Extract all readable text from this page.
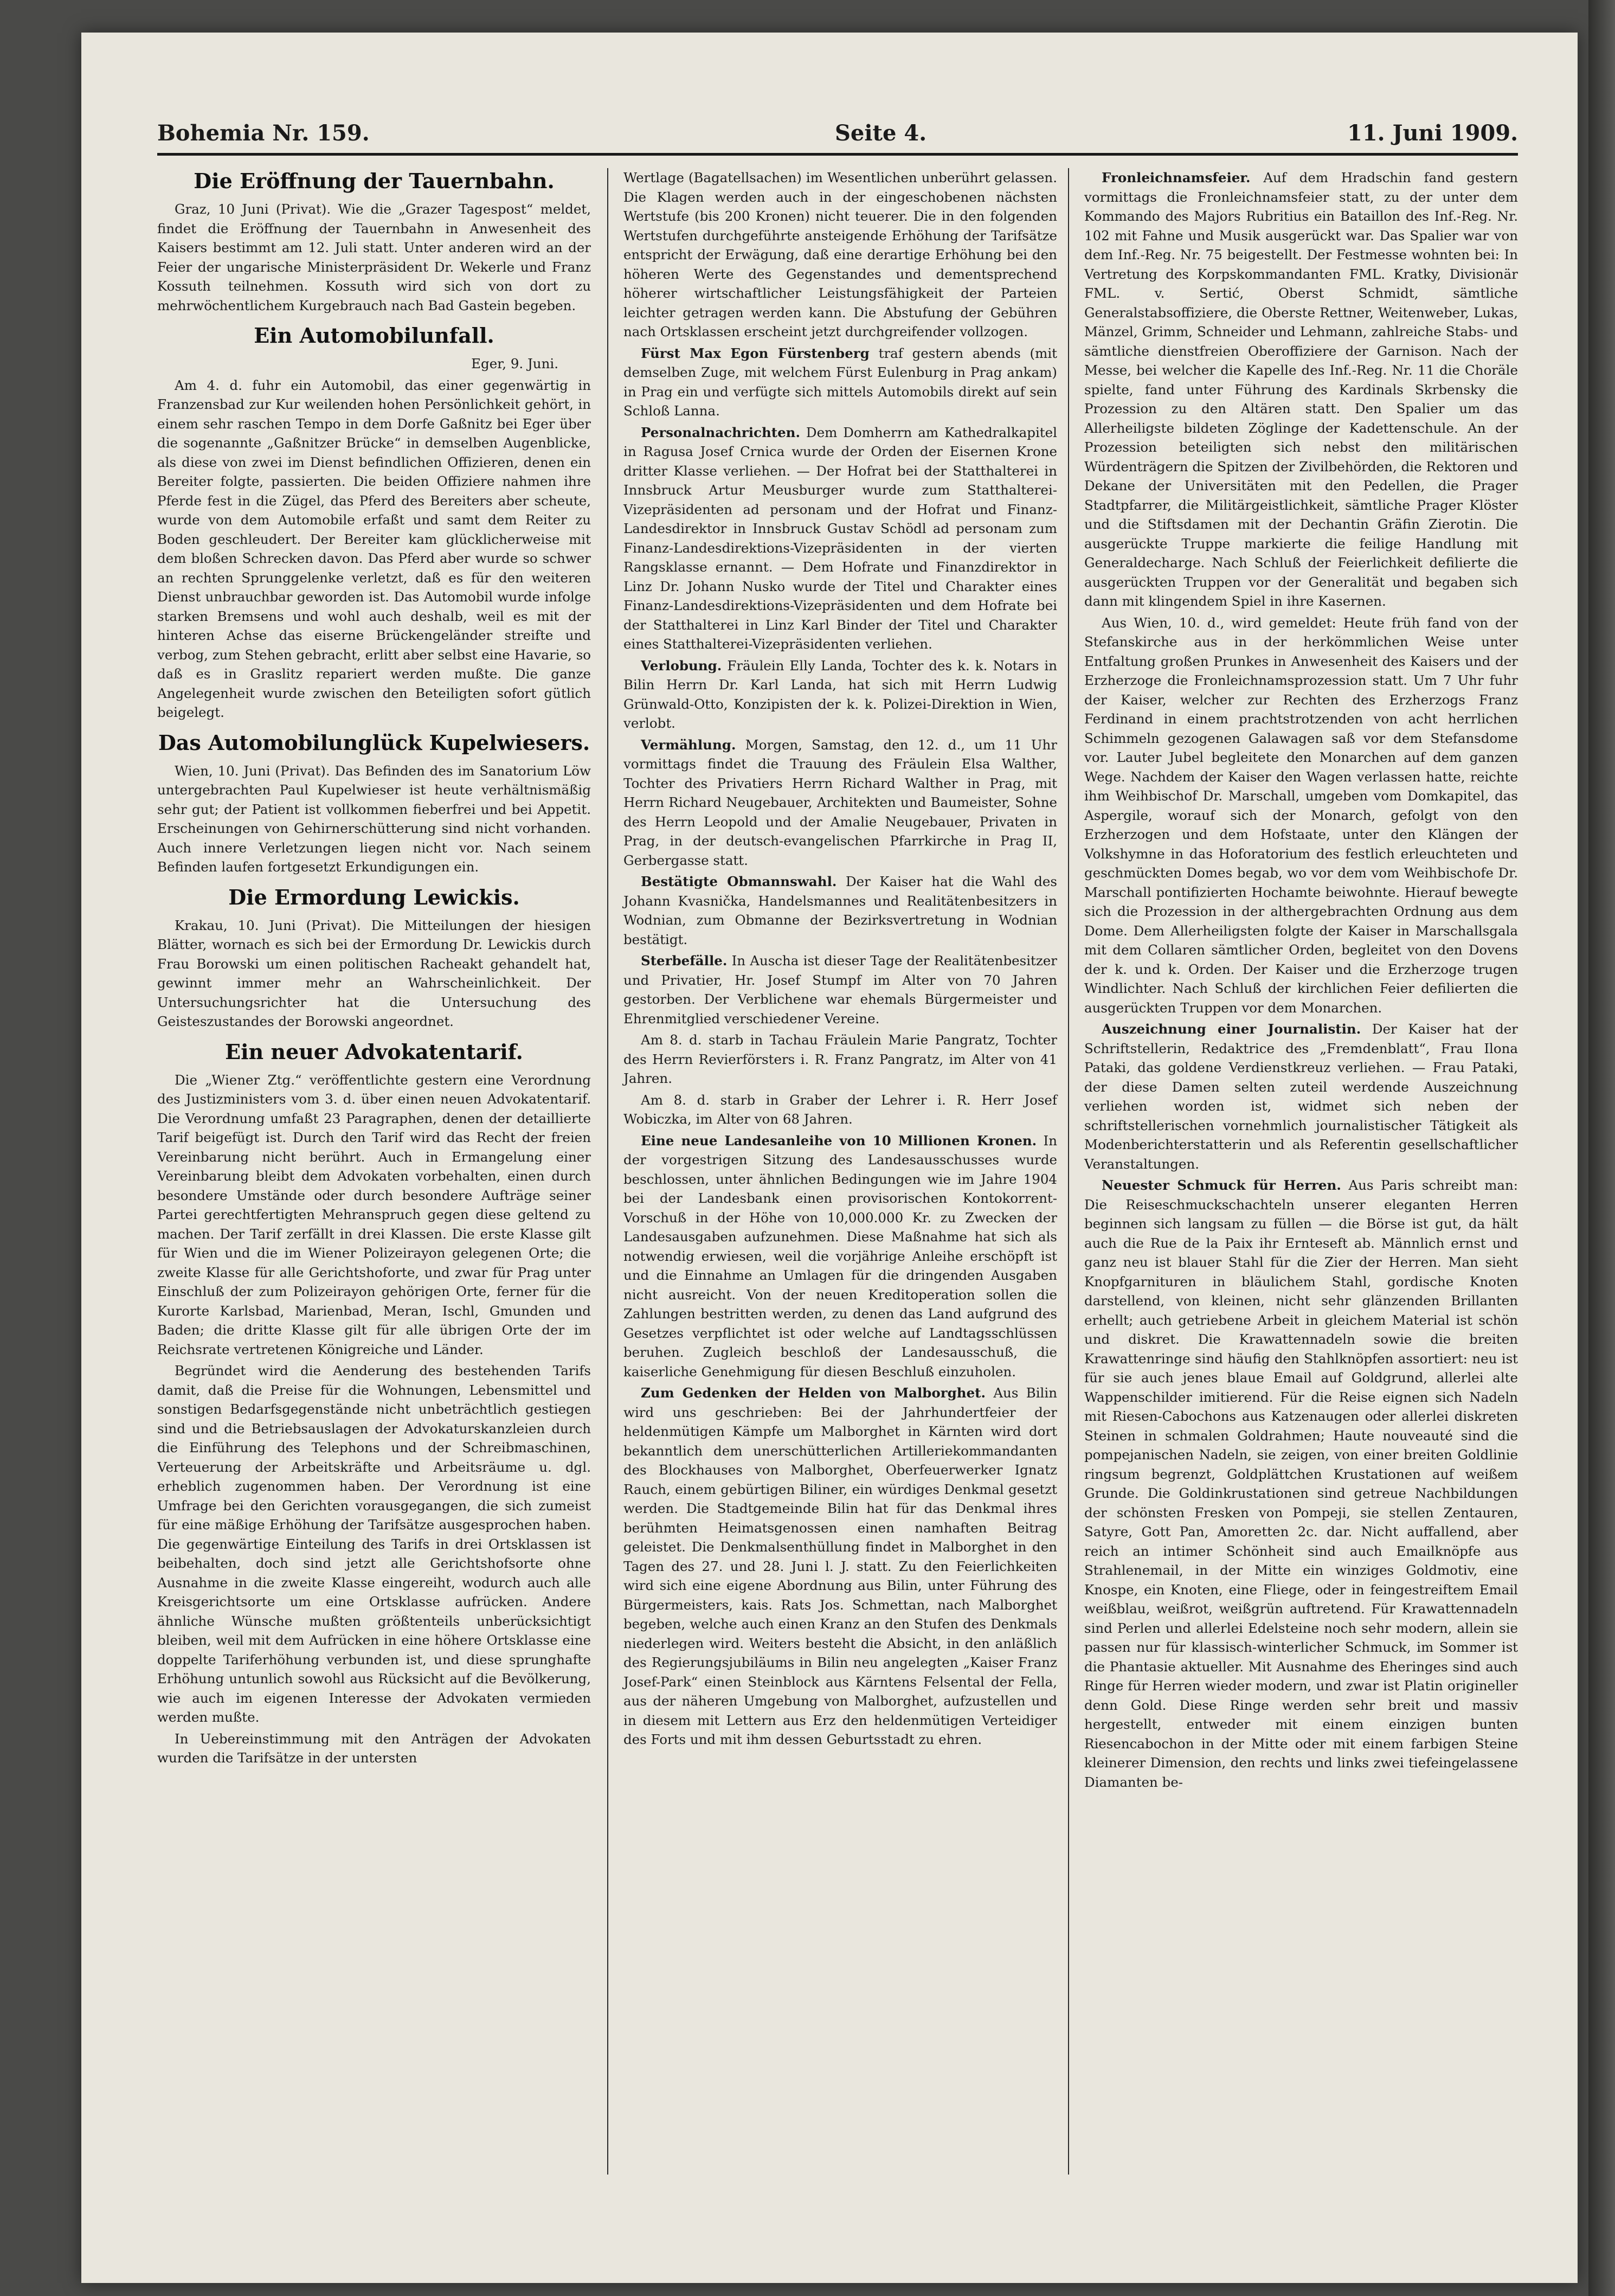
Bohemia Nr. 159.	Seite 4.	11. Juni 1909.
Die Eröffnung der Tauernbahn.

Graz, 10 Juni (Privat). Wie die „Grazer Tagespost“ meldet, findet die Eröffnung der Tauernbahn in Anwesenheit des Kaisers bestimmt am 12. Juli statt. Unter anderen wird an der Feier der ungarische Ministerpräsident Dr. Wekerle und Franz Kossuth teilnehmen. Kossuth wird sich von dort zu mehrwöchentlichem Kurgebrauch nach Bad Gastein begeben.

Ein Automobilunfall.

Eger, 9. Juni.

Am 4. d. fuhr ein Automobil, das einer gegenwärtig in Franzensbad zur Kur weilenden hohen Persönlichkeit gehört, in einem sehr raschen Tempo in dem Dorfe Gaßnitz bei Eger über die sogenannte „Gaßnitzer Brücke“ in demselben Augenblicke, als diese von zwei im Dienst befindlichen Offizieren, denen ein Bereiter folgte, passierten. Die beiden Offiziere nahmen ihre Pferde fest in die Zügel, das Pferd des Bereiters aber scheute, wurde von dem Automobile erfaßt und samt dem Reiter zu Boden geschleudert. Der Bereiter kam glücklicherweise mit dem bloßen Schrecken davon. Das Pferd aber wurde so schwer an rechten Sprunggelenke verletzt, daß es für den weiteren Dienst unbrauchbar geworden ist. Das Automobil wurde infolge starken Bremsens und wohl auch deshalb, weil es mit der hinteren Achse das eiserne Brückengeländer streifte und verbog, zum Stehen gebracht, erlitt aber selbst eine Havarie, so daß es in Graslitz repariert werden mußte. Die ganze Angelegenheit wurde zwischen den Beteiligten sofort gütlich beigelegt.

Das Automobilunglück Kupelwiesers.

Wien, 10. Juni (Privat). Das Befinden des im Sanatorium Löw untergebrachten Paul Kupelwieser ist heute verhältnismäßig sehr gut; der Patient ist vollkommen fieberfrei und bei Appetit. Erscheinungen von Gehirnerschütterung sind nicht vorhanden. Auch innere Verletzungen liegen nicht vor. Nach seinem Befinden laufen fortgesetzt Erkundigungen ein.

Die Ermordung Lewickis.

Krakau, 10. Juni (Privat). Die Mitteilungen der hiesigen Blätter, wornach es sich bei der Ermordung Dr. Lewickis durch Frau Borowski um einen politischen Racheakt gehandelt hat, gewinnt immer mehr an Wahrscheinlichkeit. Der Untersuchungsrichter hat die Untersuchung des Geisteszustandes der Borowski angeordnet.

Ein neuer Advokatentarif.

Die „Wiener Ztg.“ veröffentlichte gestern eine Verordnung des Justizministers vom 3. d. über einen neuen Advokatentarif. Die Verordnung umfaßt 23 Paragraphen, denen der detaillierte Tarif beigefügt ist. Durch den Tarif wird das Recht der freien Vereinbarung nicht berührt. Auch in Ermangelung einer Vereinbarung bleibt dem Advokaten vorbehalten, einen durch besondere Umstände oder durch besondere Aufträge seiner Partei gerechtfertigten Mehranspruch gegen diese geltend zu machen. Der Tarif zerfällt in drei Klassen. Die erste Klasse gilt für Wien und die im Wiener Polizeirayon gelegenen Orte; die zweite Klasse für alle Gerichtshoforte, und zwar für Prag unter Einschluß der zum Polizeirayon gehörigen Orte, ferner für die Kurorte Karlsbad, Marienbad, Meran, Ischl, Gmunden und Baden; die dritte Klasse gilt für alle übrigen Orte der im Reichsrate vertretenen Königreiche und Länder.

Begründet wird die Aenderung des bestehenden Tarifs damit, daß die Preise für die Wohnungen, Lebensmittel und sonstigen Bedarfsgegenstände nicht unbeträchtlich gestiegen sind und die Betriebsauslagen der Advokaturskanzleien durch die Einführung des Telephons und der Schreibmaschinen, Verteuerung der Arbeitskräfte und Arbeitsräume u. dgl. erheblich zugenommen haben. Der Verordnung ist eine Umfrage bei den Gerichten vorausgegangen, die sich zumeist für eine mäßige Erhöhung der Tarifsätze ausgesprochen haben. Die gegenwärtige Einteilung des Tarifs in drei Ortsklassen ist beibehalten, doch sind jetzt alle Gerichtshofsorte ohne Ausnahme in die zweite Klasse eingereiht, wodurch auch alle Kreisgerichtsorte um eine Ortsklasse aufrücken. Andere ähnliche Wünsche mußten größtenteils unberücksichtigt bleiben, weil mit dem Aufrücken in eine höhere Ortsklasse eine doppelte Tariferhöhung verbunden ist, und diese sprunghafte Erhöhung untunlich sowohl aus Rücksicht auf die Bevölkerung, wie auch im eigenen Interesse der Advokaten vermieden werden mußte.

In Uebereinstimmung mit den Anträgen der Advokaten wurden die Tarifsätze in der untersten

Wertlage (Bagatellsachen) im Wesentlichen unberührt gelassen. Die Klagen werden auch in der eingeschobenen nächsten Wertstufe (bis 200 Kronen) nicht teuerer. Die in den folgenden Wertstufen durchgeführte ansteigende Erhöhung der Tarifsätze entspricht der Erwägung, daß eine derartige Erhöhung bei den höheren Werte des Gegenstandes und dementsprechend höherer wirtschaftlicher Leistungsfähigkeit der Parteien leichter getragen werden kann. Die Abstufung der Gebühren nach Ortsklassen erscheint jetzt durchgreifender vollzogen.

Fürst Max Egon Fürstenberg traf gestern abends (mit demselben Zuge, mit welchem Fürst Eulenburg in Prag ankam) in Prag ein und verfügte sich mittels Automobils direkt auf sein Schloß Lanna.

Personalnachrichten. Dem Domherrn am Kathedralkapitel in Ragusa Josef Crnica wurde der Orden der Eisernen Krone dritter Klasse verliehen. — Der Hofrat bei der Statthalterei in Innsbruck Artur Meusburger wurde zum Statthalterei-Vizepräsidenten ad personam und der Hofrat und Finanz-Landesdirektor in Innsbruck Gustav Schödl ad personam zum Finanz-Landesdirektions-Vizepräsidenten in der vierten Rangsklasse ernannt. — Dem Hofrate und Finanzdirektor in Linz Dr. Johann Nusko wurde der Titel und Charakter eines Finanz-Landesdirektions-Vizepräsidenten und dem Hofrate bei der Statthalterei in Linz Karl Binder der Titel und Charakter eines Statthalterei-Vizepräsidenten verliehen.

Verlobung. Fräulein Elly Landa, Tochter des k. k. Notars in Bilin Herrn Dr. Karl Landa, hat sich mit Herrn Ludwig Grünwald-Otto, Konzipisten der k. k. Polizei-Direktion in Wien, verlobt.

Vermählung. Morgen, Samstag, den 12. d., um 11 Uhr vormittags findet die Trauung des Fräulein Elsa Walther, Tochter des Privatiers Herrn Richard Walther in Prag, mit Herrn Richard Neugebauer, Architekten und Baumeister, Sohne des Herrn Leopold und der Amalie Neugebauer, Privaten in Prag, in der deutsch-evangelischen Pfarrkirche in Prag II, Gerbergasse statt.

Bestätigte Obmannswahl. Der Kaiser hat die Wahl des Johann Kvasnička, Handelsmannes und Realitätenbesitzers in Wodnian, zum Obmanne der Bezirksvertretung in Wodnian bestätigt.

Sterbefälle. In Auscha ist dieser Tage der Realitätenbesitzer und Privatier, Hr. Josef Stumpf im Alter von 70 Jahren gestorben. Der Verblichene war ehemals Bürgermeister und Ehrenmitglied verschiedener Vereine.

Am 8. d. starb in Tachau Fräulein Marie Pangratz, Tochter des Herrn Revierförsters i. R. Franz Pangratz, im Alter von 41 Jahren.

Am 8. d. starb in Graber der Lehrer i. R. Herr Josef Wobiczka, im Alter von 68 Jahren.

Eine neue Landesanleihe von 10 Millionen Kronen. In der vorgestrigen Sitzung des Landesausschusses wurde beschlossen, unter ähnlichen Bedingungen wie im Jahre 1904 bei der Landesbank einen provisorischen Kontokorrent-Vorschuß in der Höhe von 10,000.000 Kr. zu Zwecken der Landesausgaben aufzunehmen. Diese Maßnahme hat sich als notwendig erwiesen, weil die vorjährige Anleihe erschöpft ist und die Einnahme an Umlagen für die dringenden Ausgaben nicht ausreicht. Von der neuen Kreditoperation sollen die Zahlungen bestritten werden, zu denen das Land aufgrund des Gesetzes verpflichtet ist oder welche auf Landtagsschlüssen beruhen. Zugleich beschloß der Landesausschuß, die kaiserliche Genehmigung für diesen Beschluß einzuholen.

Zum Gedenken der Helden von Malborghet. Aus Bilin wird uns geschrieben: Bei der Jahrhundertfeier der heldenmütigen Kämpfe um Malborghet in Kärnten wird dort bekanntlich dem unerschütterlichen Artilleriekommandanten des Blockhauses von Malborghet, Oberfeuerwerker Ignatz Rauch, einem gebürtigen Biliner, ein würdiges Denkmal gesetzt werden. Die Stadtgemeinde Bilin hat für das Denkmal ihres berühmten Heimatsgenossen einen namhaften Beitrag geleistet. Die Denkmalsenthüllung findet in Malborghet in den Tagen des 27. und 28. Juni l. J. statt. Zu den Feierlichkeiten wird sich eine eigene Abordnung aus Bilin, unter Führung des Bürgermeisters, kais. Rats Jos. Schmettan, nach Malborghet begeben, welche auch einen Kranz an den Stufen des Denkmals niederlegen wird. Weiters besteht die Absicht, in den anläßlich des Regierungsjubiläums in Bilin neu angelegten „Kaiser Franz Josef-Park“ einen Steinblock aus Kärntens Felsental der Fella, aus der näheren Umgebung von Malborghet, aufzustellen und in diesem mit Lettern aus Erz den heldenmütigen Verteidiger des Forts und mit ihm dessen Geburtsstadt zu ehren.

Fronleichnamsfeier. Auf dem Hradschin fand gestern vormittags die Fronleichnamsfeier statt, zu der unter dem Kommando des Majors Rubritius ein Bataillon des Inf.-Reg. Nr. 102 mit Fahne und Musik ausgerückt war. Das Spalier war von dem Inf.-Reg. Nr. 75 beigestellt. Der Festmesse wohnten bei: In Vertretung des Korpskommandanten FML. Kratky, Divisionär FML. v. Sertić, Oberst Schmidt, sämtliche Generalstabsoffiziere, die Oberste Rettner, Weitenweber, Lukas, Mänzel, Grimm, Schneider und Lehmann, zahlreiche Stabs- und sämtliche dienstfreien Oberoffiziere der Garnison. Nach der Messe, bei welcher die Kapelle des Inf.-Reg. Nr. 11 die Choräle spielte, fand unter Führung des Kardinals Skrbensky die Prozession zu den Altären statt. Den Spalier um das Allerheiligste bildeten Zöglinge der Kadettenschule. An der Prozession beteiligten sich nebst den militärischen Würdenträgern die Spitzen der Zivilbehörden, die Rektoren und Dekane der Universitäten mit den Pedellen, die Prager Stadtpfarrer, die Militärgeistlichkeit, sämtliche Prager Klöster und die Stiftsdamen mit der Dechantin Gräfin Zierotin. Die ausgerückte Truppe markierte die feilige Handlung mit Generaldecharge. Nach Schluß der Feierlichkeit defilierte die ausgerückten Truppen vor der Generalität und begaben sich dann mit klingendem Spiel in ihre Kasernen.

Aus Wien, 10. d., wird gemeldet: Heute früh fand von der Stefanskirche aus in der herkömmlichen Weise unter Entfaltung großen Prunkes in Anwesenheit des Kaisers und der Erzherzoge die Fronleichnamsprozession statt. Um 7 Uhr fuhr der Kaiser, welcher zur Rechten des Erzherzogs Franz Ferdinand in einem prachtstrotzenden von acht herrlichen Schimmeln gezogenen Galawagen saß vor dem Stefansdome vor. Lauter Jubel begleitete den Monarchen auf dem ganzen Wege. Nachdem der Kaiser den Wagen verlassen hatte, reichte ihm Weihbischof Dr. Marschall, umgeben vom Domkapitel, das Aspergile, worauf sich der Monarch, gefolgt von den Erzherzogen und dem Hofstaate, unter den Klängen der Volkshymne in das Hoforatorium des festlich erleuchteten und geschmückten Domes begab, wo vor dem vom Weihbischofe Dr. Marschall pontifizierten Hochamte beiwohnte. Hierauf bewegte sich die Prozession in der althergebrachten Ordnung aus dem Dome. Dem Allerheiligsten folgte der Kaiser in Marschallsgala mit dem Collaren sämtlicher Orden, begleitet von den Dovens der k. und k. Orden. Der Kaiser und die Erzherzoge trugen Windlichter. Nach Schluß der kirchlichen Feier defilierten die ausgerückten Truppen vor dem Monarchen.

Auszeichnung einer Journalistin. Der Kaiser hat der Schriftstellerin, Redaktrice des „Fremdenblatt“, Frau Ilona Pataki, das goldene Verdienstkreuz verliehen. — Frau Pataki, der diese Damen selten zuteil werdende Auszeichnung verliehen worden ist, widmet sich neben der schriftstellerischen vornehmlich journalistischer Tätigkeit als Modenberichterstatterin und als Referentin gesellschaftlicher Veranstaltungen.

Neuester Schmuck für Herren. Aus Paris schreibt man: Die Reiseschmuckschachteln unserer eleganten Herren beginnen sich langsam zu füllen — die Börse ist gut, da hält auch die Rue de la Paix ihr Ernteseft ab. Männlich ernst und ganz neu ist blauer Stahl für die Zier der Herren. Man sieht Knopfgarnituren in bläulichem Stahl, gordische Knoten darstellend, von kleinen, nicht sehr glänzenden Brillanten erhellt; auch getriebene Arbeit in gleichem Material ist schön und diskret. Die Krawattennadeln sowie die breiten Krawattenringe sind häufig den Stahlknöpfen assortiert: neu ist für sie auch jenes blaue Email auf Goldgrund, allerlei alte Wappenschilder imitierend. Für die Reise eignen sich Nadeln mit Riesen-Cabochons aus Katzenaugen oder allerlei diskreten Steinen in schmalen Goldrahmen; Haute nouveauté sind die pompejanischen Nadeln, sie zeigen, von einer breiten Goldlinie ringsum begrenzt, Goldplättchen Krustationen auf weißem Grunde. Die Goldinkrustationen sind getreue Nachbildungen der schönsten Fresken von Pompeji, sie stellen Zentauren, Satyre, Gott Pan, Amoretten 2c. dar. Nicht auffallend, aber reich an intimer Schönheit sind auch Emailknöpfe aus Strahlenemail, in der Mitte ein winziges Goldmotiv, eine Knospe, ein Knoten, eine Fliege, oder in feingestreiftem Email weißblau, weißrot, weißgrün auftretend. Für Krawattennadeln sind Perlen und allerlei Edelsteine noch sehr modern, allein sie passen nur für klassisch-winterlicher Schmuck, im Sommer ist die Phantasie aktueller. Mit Ausnahme des Eheringes sind auch Ringe für Herren wieder modern, und zwar ist Platin origineller denn Gold. Diese Ringe werden sehr breit und massiv hergestellt, entweder mit einem einzigen bunten Riesencabochon in der Mitte oder mit einem farbigen Steine kleinerer Dimension, den rechts und links zwei tiefeingelassene Diamanten be-
